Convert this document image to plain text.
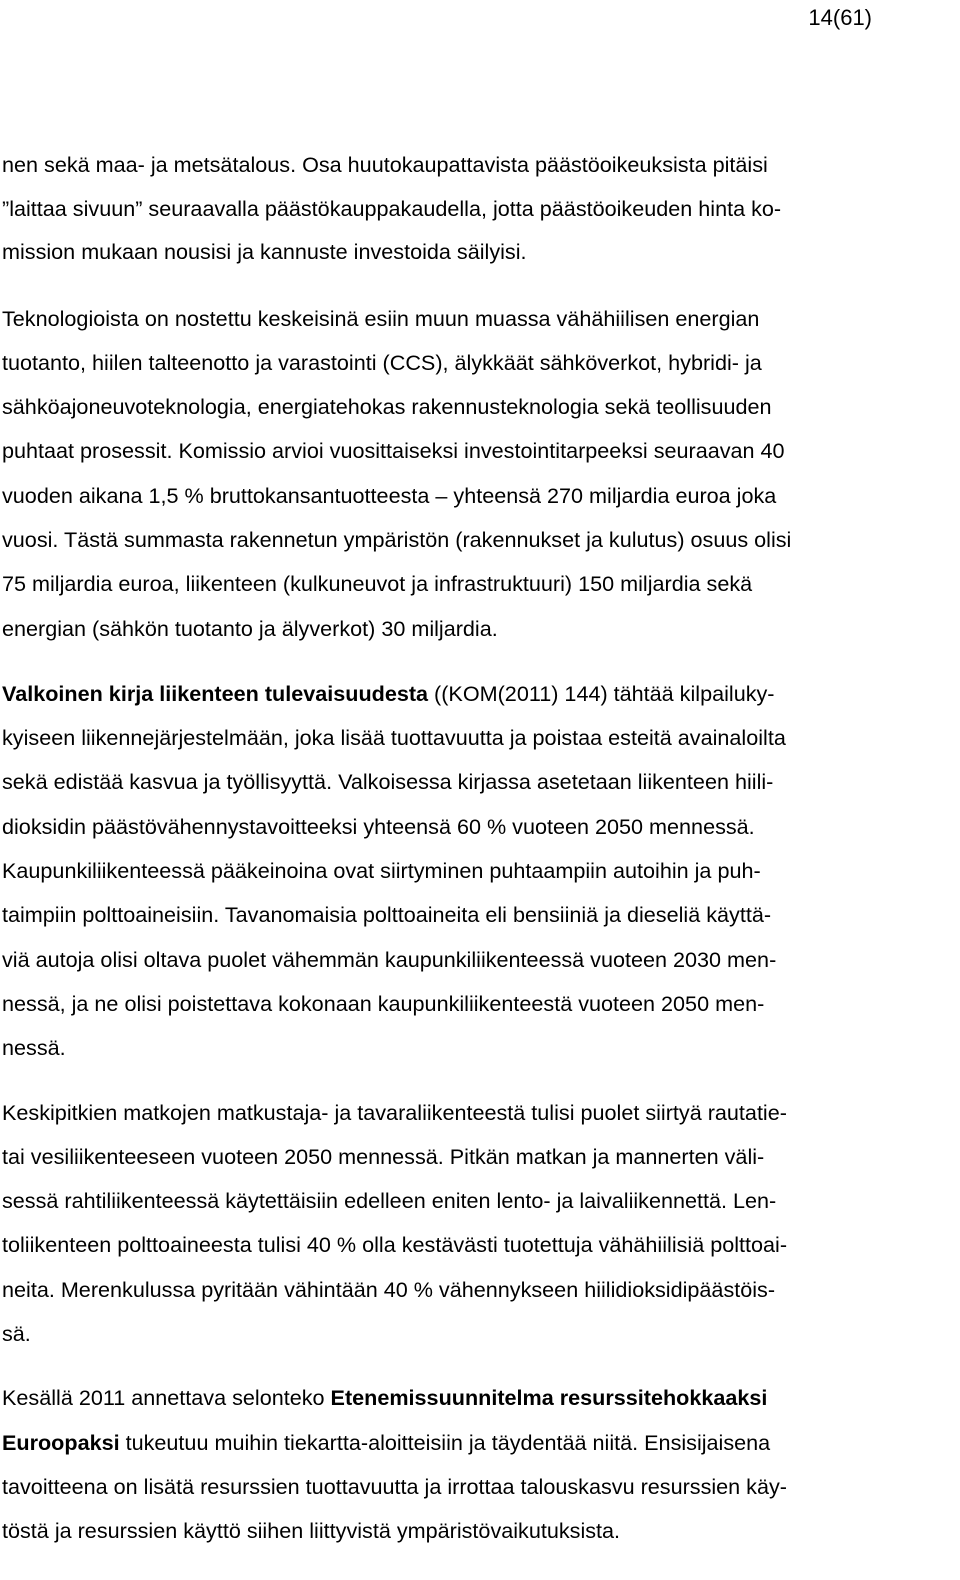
14(61)

nen sekä maa- ja metsätalous. Osa huutokaupattavista päästöoikeuksista pitäisi
”laittaa sivuun” seuraavalla päästökauppakaudella, jotta päästöoikeuden hinta ko-
mission mukaan nousisi ja kannuste investoida säilyisi.

Teknologioista on nostettu keskeisinä esiin muun muassa vähähiilisen energian
tuotanto, hiilen talteenotto ja varastointi (CCS), älykkäät sähköverkot, hybridi- ja
sähköajoneuvoteknologia, energiatehokas rakennusteknologia sekä teollisuuden
puhtaat prosessit. Komissio arvioi vuosittaiseksi investointitarpeeksi seuraavan 40
vuoden aikana 1,5 % bruttokansantuotteesta – yhteensä 270 miljardia euroa joka
vuosi. Tästä summasta rakennetun ympäristön (rakennukset ja kulutus) osuus olisi
75 miljardia euroa, liikenteen (kulkuneuvot ja infrastruktuuri) 150 miljardia sekä
energian (sähkön tuotanto ja älyverkot) 30 miljardia.

Valkoinen kirja liikenteen tulevaisuudesta ((KOM(2011) 144) tähtää kilpailuky-
kyiseen liikennejärjestelmään, joka lisää tuottavuutta ja poistaa esteitä avainaloilta
sekä edistää kasvua ja työllisyyttä. Valkoisessa kirjassa asetetaan liikenteen hiili-
dioksidin päästövähennystavoitteeksi yhteensä 60 % vuoteen 2050 mennessä.
Kaupunkiliikenteessä pääkeinoina ovat siirtyminen puhtaampiin autoihin ja puh-
taimpiin polttoaineisiin. Tavanomaisia polttoaineita eli bensiiniä ja dieseliä käyttä-
viä autoja olisi oltava puolet vähemmän kaupunkiliikenteessä vuoteen 2030 men-
nessä, ja ne olisi poistettava kokonaan kaupunkiliikenteestä vuoteen 2050 men-
nessä.

Keskipitkien matkojen matkustaja- ja tavaraliikenteestä tulisi puolet siirtyä rautatie-
tai vesiliikenteeseen vuoteen 2050 mennessä. Pitkän matkan ja mannerten väli-
sessä rahtiliikenteessä käytettäisiin edelleen eniten lento- ja laivaliikennettä. Len-
toliikenteen polttoaineesta tulisi 40 % olla kestävästi tuotettuja vähähiilisiä polttoai-
neita. Merenkulussa pyritään vähintään 40 % vähennykseen hiilidioksidipäästöis-
sä.

Kesällä 2011 annettava selonteko Etenemissuunnitelma resurssitehokkaaksi
Euroopaksi tukeutuu muihin tiekartta-aloitteisiin ja täydentää niitä. Ensisijaisena
tavoitteena on lisätä resurssien tuottavuutta ja irrottaa talouskasvu resurssien käy-
töstä ja resurssien käyttö siihen liittyvistä ympäristövaikutuksista.
